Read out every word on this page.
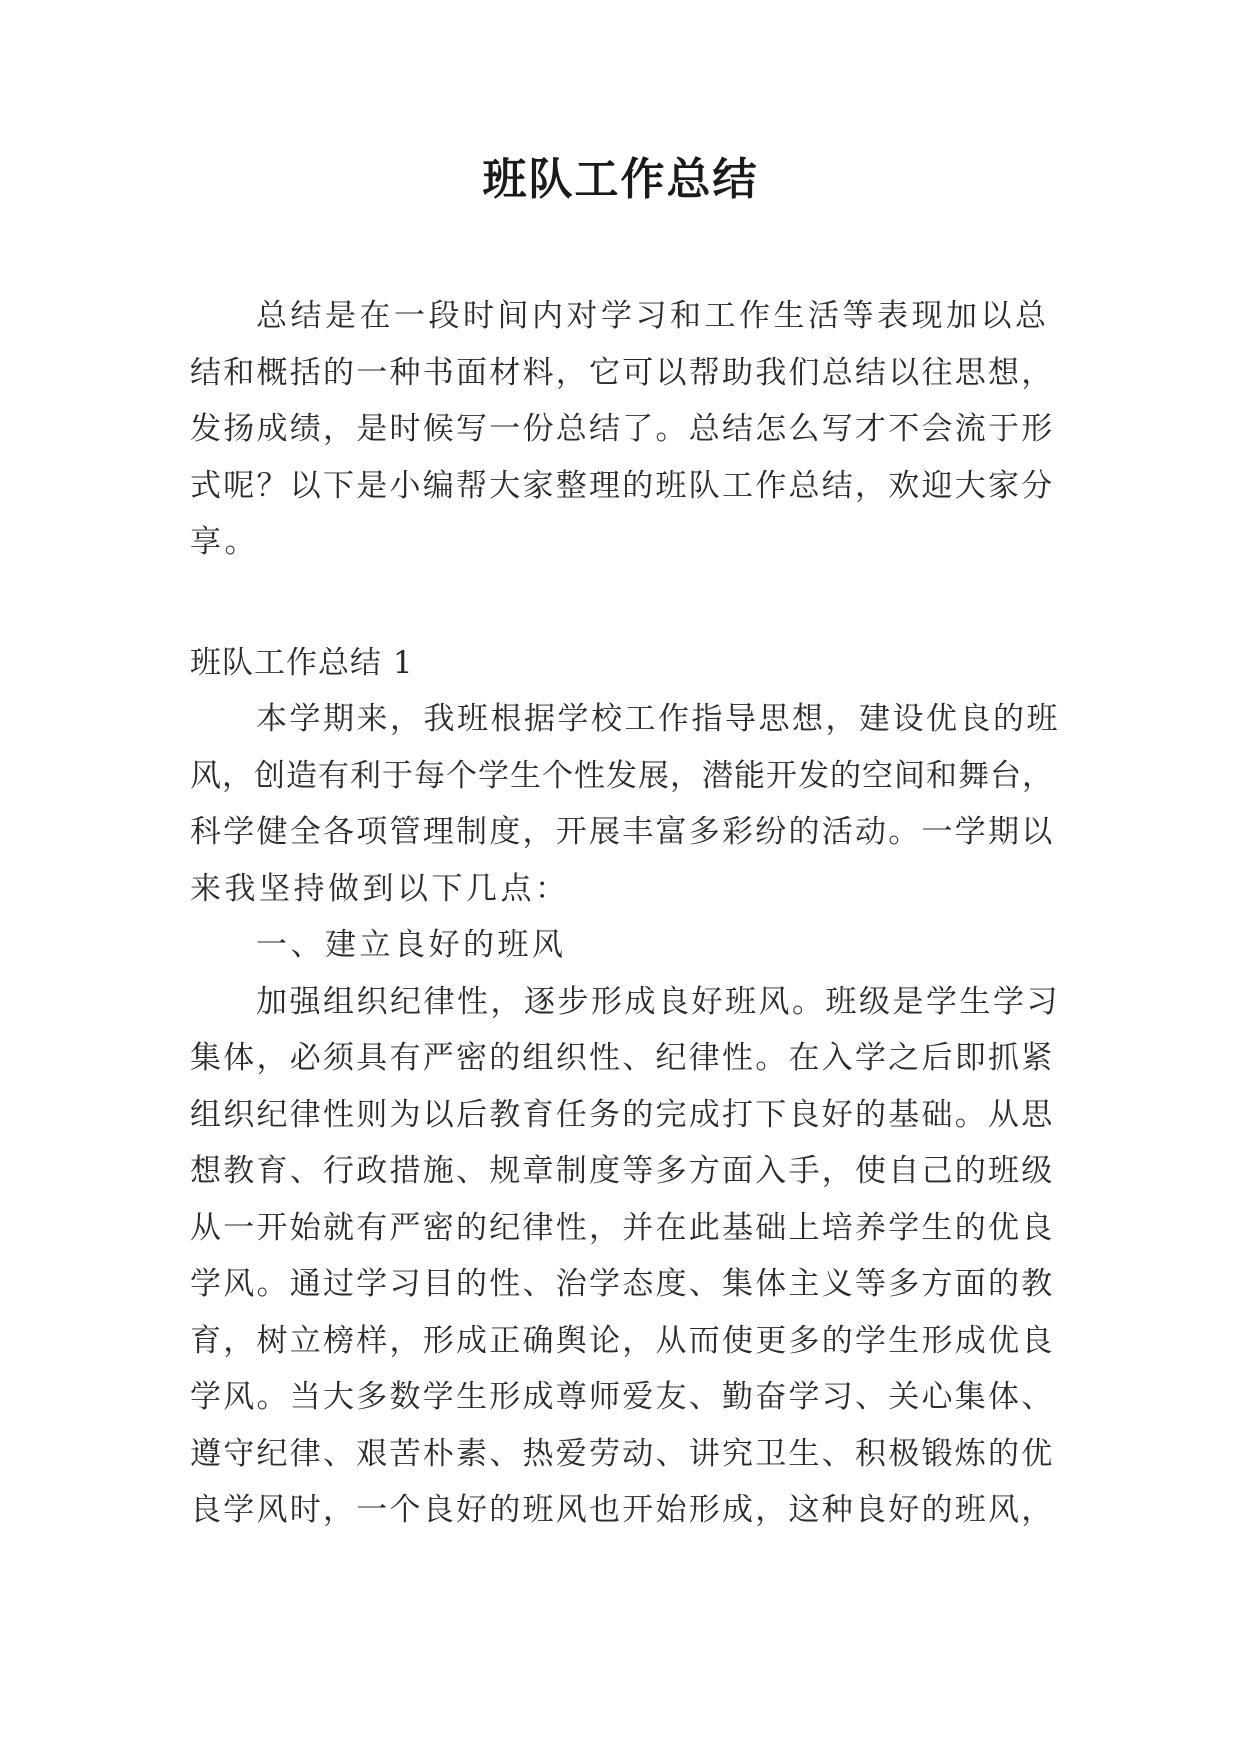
班队工作总结
总结是在一段时间内对学习和工作生活等表现加以总
结和概括的一种书面材料，它可以帮助我们总结以往思想，
发扬成绩，是时候写一份总结了。总结怎么写才不会流于形
式呢？以下是小编帮大家整理的班队工作总结，欢迎大家分
享。
班队工作总结 1
本学期来，我班根据学校工作指导思想，建设优良的班
风，创造有利于每个学生个性发展，潜能开发的空间和舞台，
科学健全各项管理制度，开展丰富多彩纷的活动。一学期以
来我坚持做到以下几点：
一、建立良好的班风
加强组织纪律性，逐步形成良好班风。班级是学生学习
集体，必须具有严密的组织性、纪律性。在入学之后即抓紧
组织纪律性则为以后教育任务的完成打下良好的基础。从思
想教育、行政措施、规章制度等多方面入手，使自己的班级
从一开始就有严密的纪律性，并在此基础上培养学生的优良
学风。通过学习目的性、治学态度、集体主义等多方面的教
育，树立榜样，形成正确舆论，从而使更多的学生形成优良
学风。当大多数学生形成尊师爱友、勤奋学习、关心集体、
遵守纪律、艰苦朴素、热爱劳动、讲究卫生、积极锻炼的优
良学风时，一个良好的班风也开始形成，这种良好的班风，
